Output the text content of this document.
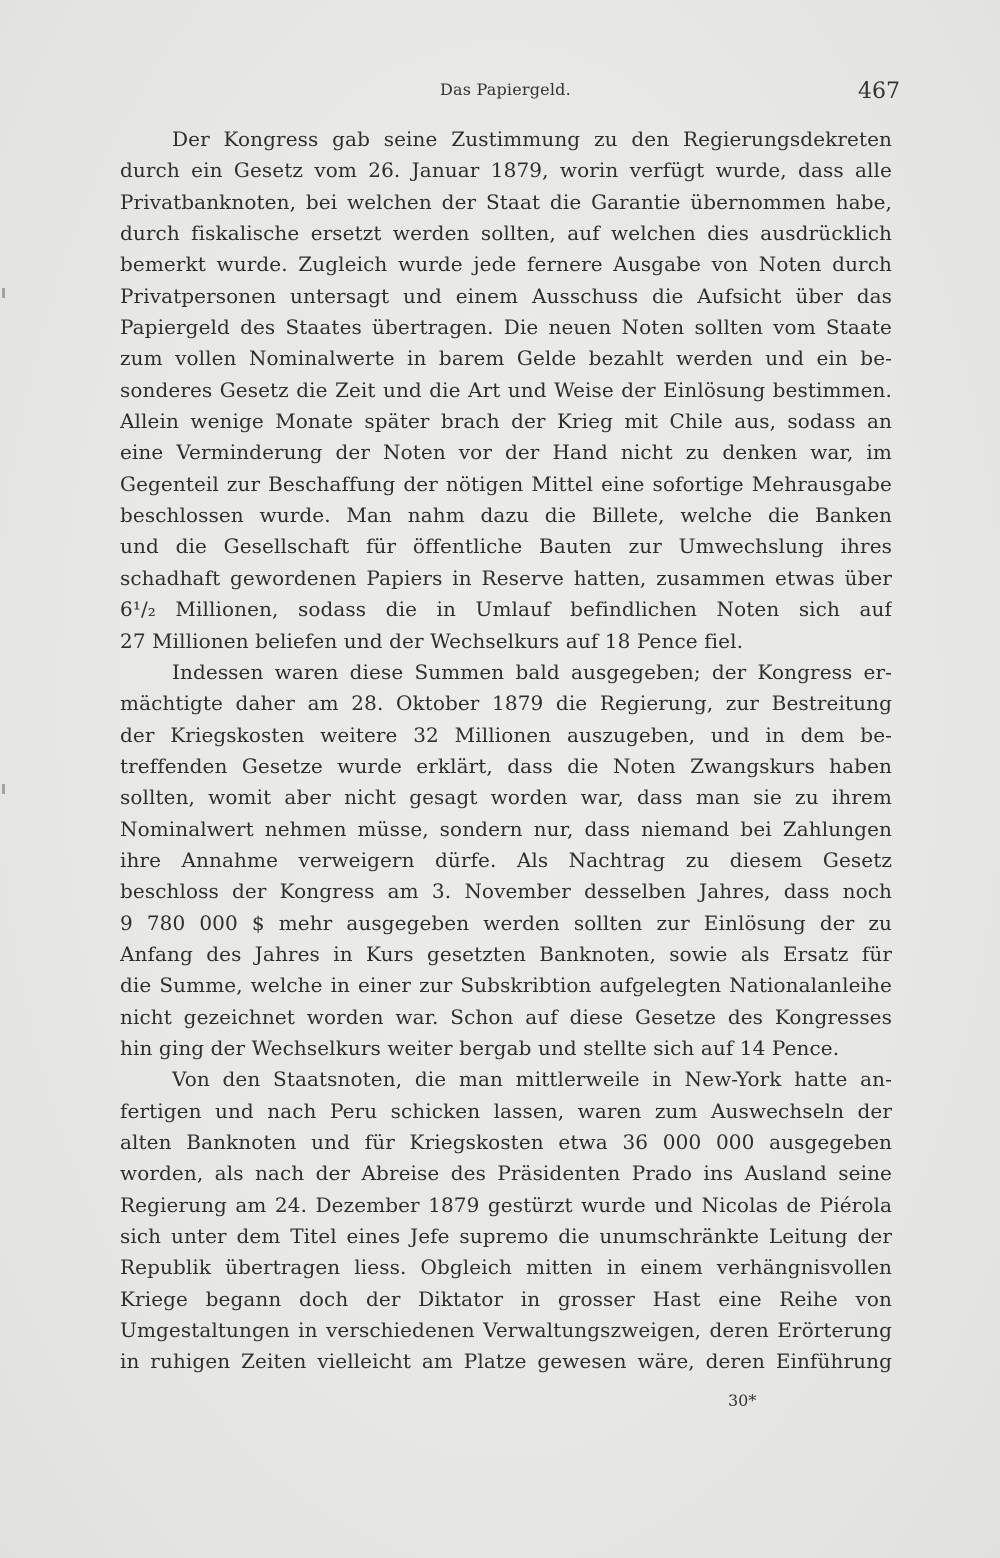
Das Papiergeld.	467
Der Kongress gab seine Zustimmung zu den Regierungsdekreten
durch ein Gesetz vom 26. Januar 1879, worin verfügt wurde, dass alle
Privatbanknoten, bei welchen der Staat die Garantie übernommen habe,
durch fiskalische ersetzt werden sollten, auf welchen dies ausdrücklich
bemerkt wurde. Zugleich wurde jede fernere Ausgabe von Noten durch
Privatpersonen untersagt und einem Ausschuss die Aufsicht über das
Papiergeld des Staates übertragen. Die neuen Noten sollten vom Staate
zum vollen Nominalwerte in barem Gelde bezahlt werden und ein be-
sonderes Gesetz die Zeit und die Art und Weise der Einlösung bestimmen.
Allein wenige Monate später brach der Krieg mit Chile aus, sodass an
eine Verminderung der Noten vor der Hand nicht zu denken war, im
Gegenteil zur Beschaffung der nötigen Mittel eine sofortige Mehrausgabe
beschlossen wurde. Man nahm dazu die Billete, welche die Banken
und die Gesellschaft für öffentliche Bauten zur Umwechslung ihres
schadhaft gewordenen Papiers in Reserve hatten, zusammen etwas über
6¹/₂ Millionen, sodass die in Umlauf befindlichen Noten sich auf
27 Millionen beliefen und der Wechselkurs auf 18 Pence fiel.
Indessen waren diese Summen bald ausgegeben; der Kongress er-
mächtigte daher am 28. Oktober 1879 die Regierung, zur Bestreitung
der Kriegskosten weitere 32 Millionen auszugeben, und in dem be-
treffenden Gesetze wurde erklärt, dass die Noten Zwangskurs haben
sollten, womit aber nicht gesagt worden war, dass man sie zu ihrem
Nominalwert nehmen müsse, sondern nur, dass niemand bei Zahlungen
ihre Annahme verweigern dürfe. Als Nachtrag zu diesem Gesetz
beschloss der Kongress am 3. November desselben Jahres, dass noch
9 780 000 $ mehr ausgegeben werden sollten zur Einlösung der zu
Anfang des Jahres in Kurs gesetzten Banknoten, sowie als Ersatz für
die Summe, welche in einer zur Subskribtion aufgelegten Nationalanleihe
nicht gezeichnet worden war. Schon auf diese Gesetze des Kongresses
hin ging der Wechselkurs weiter bergab und stellte sich auf 14 Pence.
Von den Staatsnoten, die man mittlerweile in New-York hatte an-
fertigen und nach Peru schicken lassen, waren zum Auswechseln der
alten Banknoten und für Kriegskosten etwa 36 000 000 ausgegeben
worden, als nach der Abreise des Präsidenten Prado ins Ausland seine
Regierung am 24. Dezember 1879 gestürzt wurde und Nicolas de Piérola
sich unter dem Titel eines Jefe supremo die unumschränkte Leitung der
Republik übertragen liess. Obgleich mitten in einem verhängnisvollen
Kriege begann doch der Diktator in grosser Hast eine Reihe von
Umgestaltungen in verschiedenen Verwaltungszweigen, deren Erörterung
in ruhigen Zeiten vielleicht am Platze gewesen wäre, deren Einführung
30*
